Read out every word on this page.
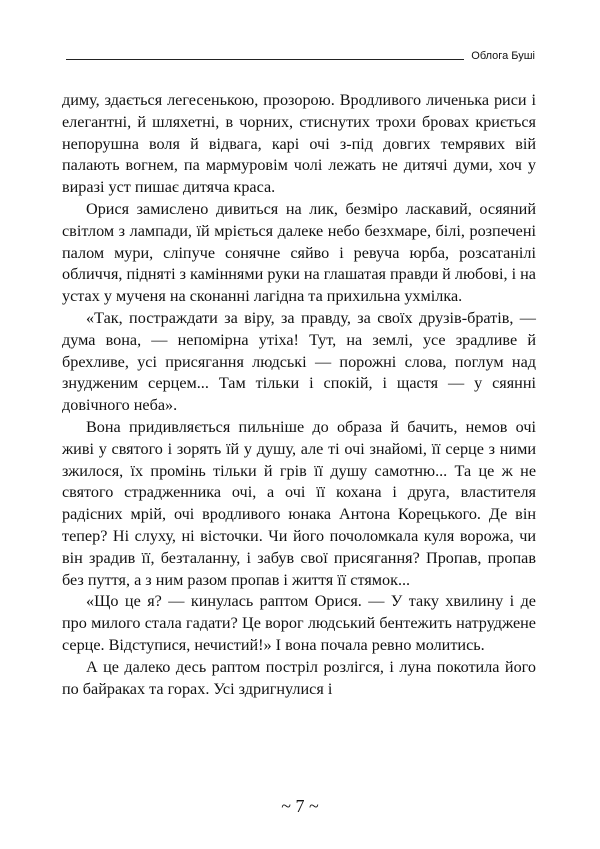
Облога Буші

диму, здається легесенькою, прозорою. Вродливого личенька риси і елегантні, й шляхетні, в чорних, стиснутих трохи бровах криється непорушна воля й відвага, карі очі з-під довгих темрявих вій палають вогнем, па мармуровім чолі лежать не дитячі думи, хоч у виразі уст пишає дитяча краса.

Орися замислено дивиться на лик, безміро ласкавий, осяяний світлом з лампади, їй мріється далеке небо безхмаре, білі, розпечені палом мури, сліпуче сонячне сяйво і ревуча юрба, розсатанілі обличчя, підняті з каміннями руки на глашатая правди й любові, і на устах у мученя на сконанні лагідна та прихильна ухмілка.

«Так, постраждати за віру, за правду, за своїх друзів-братів, — дума вона, — непомірна утіха! Тут, на землі, усе зрадливе й брехливе, усі присягання людські — порожні слова, поглум над знудженим серцем... Там тільки і спокій, і щастя — у сяянні довічного неба».

Вона придивляється пильніше до образа й бачить, немов очі живі у святого і зорять їй у душу, але ті очі знайомі, її серце з ними зжилося, їх промінь тільки й грів її душу самотню... Та це ж не святого страдженника очі, а очі її кохана і друга, властителя радісних мрій, очі вродливого юнака Антона Корецького. Де він тепер? Ні слуху, ні вісточки. Чи його почоломкала куля ворожа, чи він зрадив її, безталанну, і забув свої присягання? Пропав, пропав без пуття, а з ним разом пропав і життя її стямок...

«Що це я? — кинулась раптом Орися. — У таку хвилину і де про милого стала гадати? Це ворог людський бентежить натруджене серце. Відступися, нечистий!» І вона почала ревно молитись.

А це далеко десь раптом постріл розлігся, і луна покотила його по байраках та горах. Усі здригнулися і

~ 7 ~
